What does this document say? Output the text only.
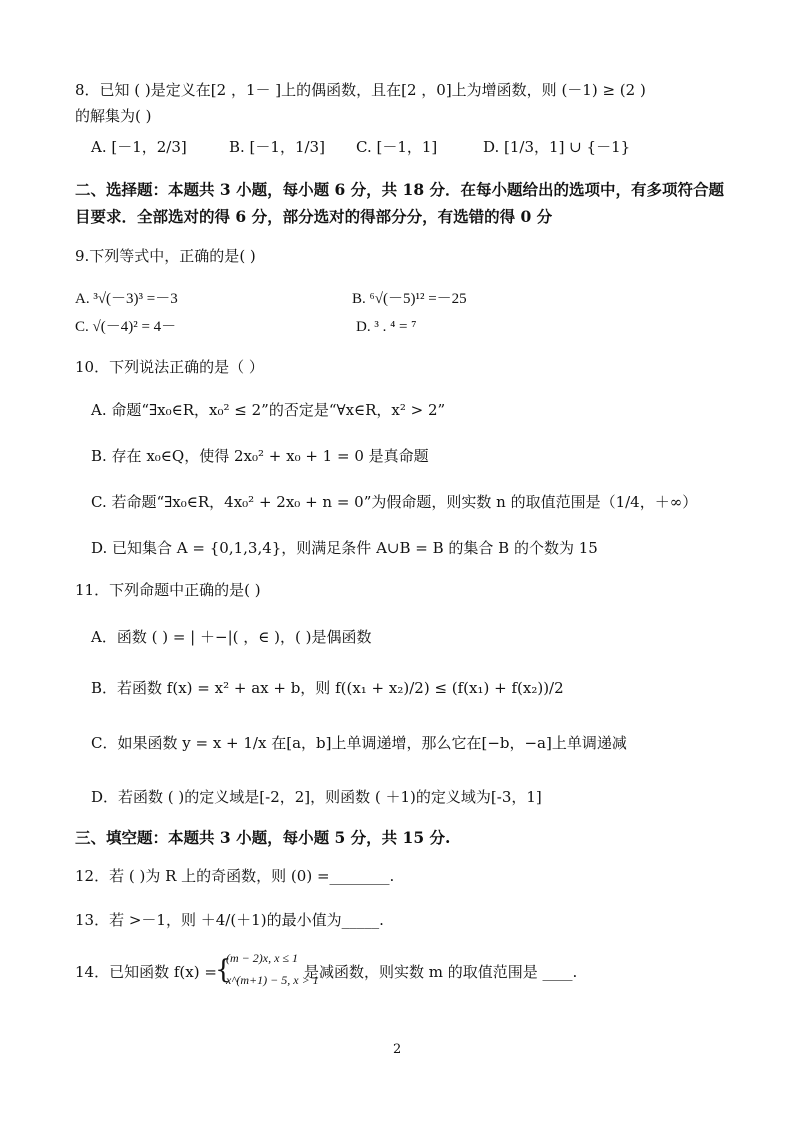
8．已知 ( )是定义在[2 ，1－ ]上的偶函数，且在[2 ，0]上为增函数，则 (－1) ≥ (2 )
的解集为( )
A. [－1，2/3]	B. [－1，1/3] C. [－1，1]	D. [1/3，1] ∪ {－1}
二、选择题：本题共 3 小题，每小题 6 分，共 18 分．在每小题给出的选项中，有多项符合题
目要求．全部选对的得 6 分，部分选对的得部分分，有选错的得 0 分
9.下列等式中，正确的是( )
A. ³√(－3)³ =－3	B. ⁶√(－5)¹² =－25
C. √(－4)² = 4－	D. ³ . ⁴ = ⁷
10．下列说法正确的是（ ）
A. 命题“∃x₀∈R，x₀² ≤ 2”的否定是“∀x∈R，x² > 2”
B. 存在 x₀∈Q，使得 2x₀² + x₀ + 1 = 0 是真命题
C. 若命题“∃x₀∈R，4x₀² + 2x₀ + n = 0”为假命题，则实数 n 的取值范围是（1/4，＋∞）
D. 已知集合 A = {0,1,3,4}，则满足条件 A∪B = B 的集合 B 的个数为 15
11．下列命题中正确的是( )
A．函数 ( ) = | ＋−|( ，∈ )，( )是偶函数
B．若函数 f(x) = x² + ax + b，则 f((x₁ + x₂)/2) ≤ (f(x₁) + f(x₂))/2
C．如果函数 y = x + 1/x 在[a，b]上单调递增，那么它在[−b，−a]上单调递减
D．若函数 ( )的定义域是[-2，2]，则函数 ( ＋1)的定义域为[-3，1]
三、填空题：本题共 3 小题，每小题 5 分，共 15 分.
12．若 ( )为 R 上的奇函数，则 (0) =________.
13．若 >－1，则 ＋4/(＋1)的最小值为_____.
14．已知函数 f(x) =
{
(m − 2)x, x ≤ 1
x^(m+1) − 5, x > 1
是减函数，则实数 m 的取值范围是 ____.
2
